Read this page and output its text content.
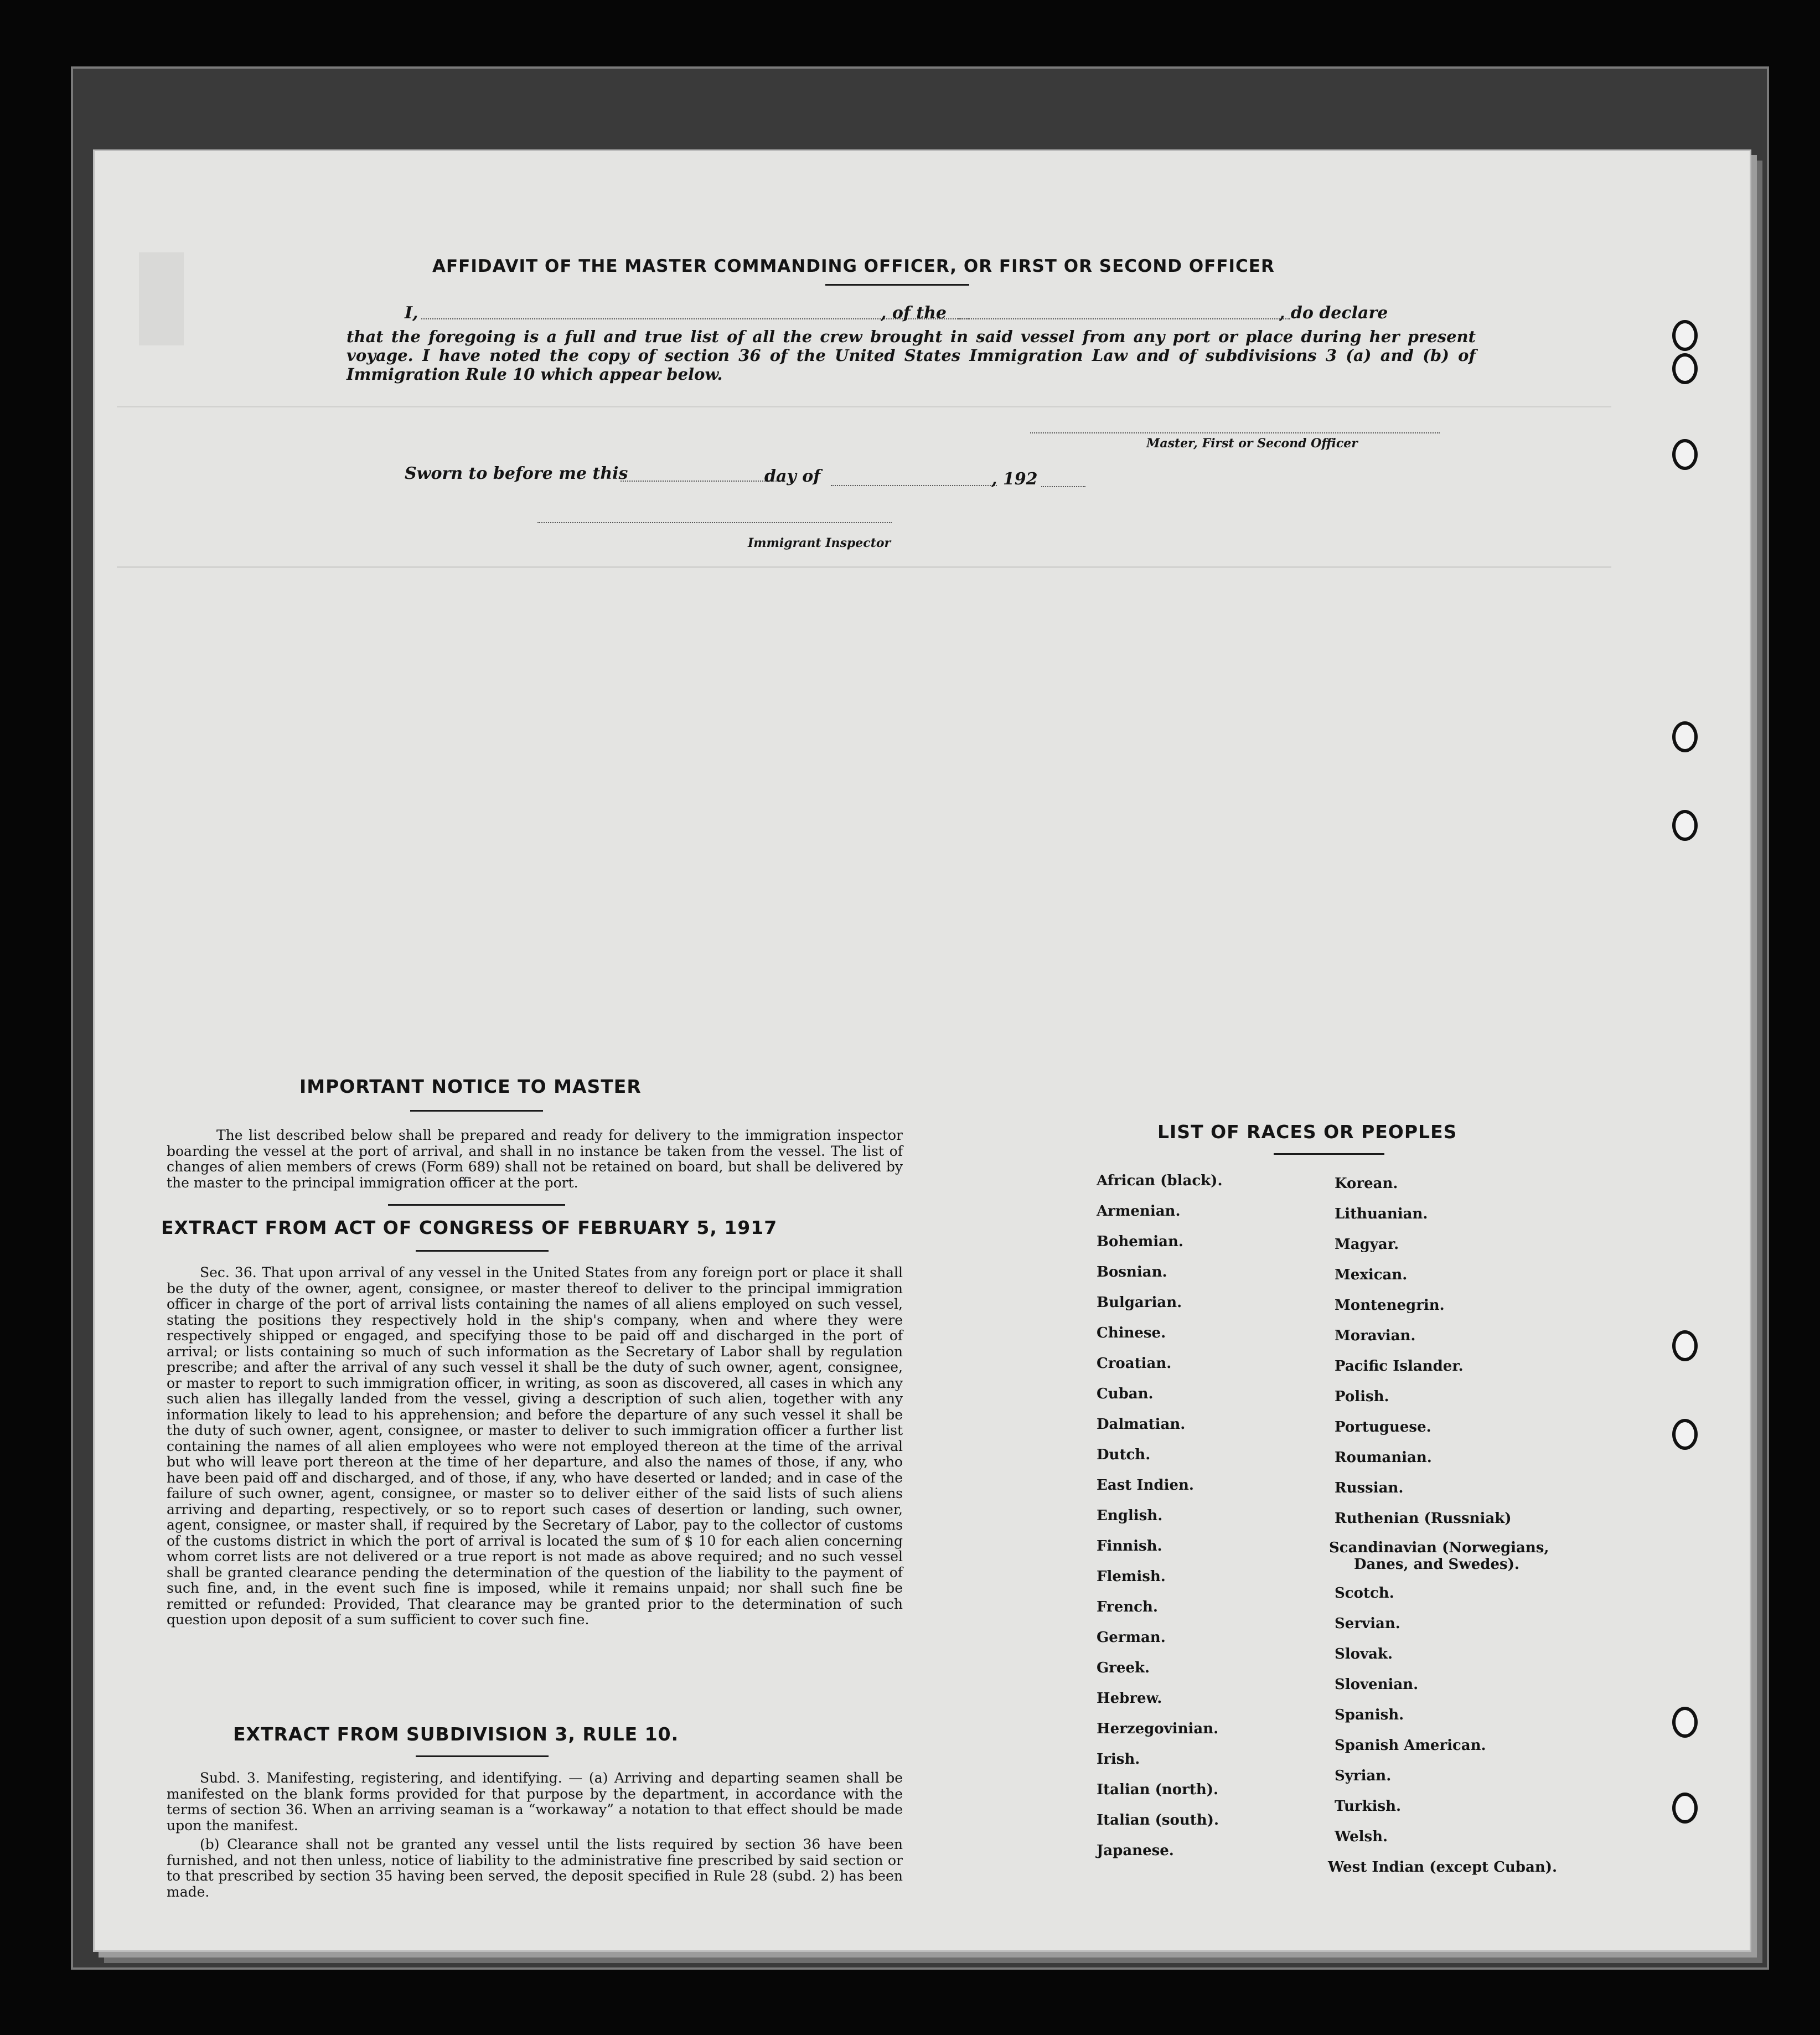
▮	AFFIDAVIT OF THE MASTER COMMANDING OFFICER, OR FIRST OR SECOND OFFICER
I,	, of the	, do declare
that the foregoing is a full and true list of all the crew brought in said vessel from any port or place during her present voyage. I have noted the copy of section 36 of the United States Immigration Law and of subdivisions 3 (a) and (b) of Immigration Rule 10 which appear below.
Master, First or Second Officer
Sworn to before me this	day of	, 192
Immigrant Inspector
IMPORTANT NOTICE TO MASTER
The list described below shall be prepared and ready for delivery to the immigration inspector boarding the vessel at the port of arrival, and shall in no instance be taken from the vessel. The list of changes of alien members of crews (Form 689) shall not be retained on board, but shall be delivered by the master to the principal immigration officer at the port.
EXTRACT FROM ACT OF CONGRESS OF FEBRUARY 5, 1917
Sec. 36. That upon arrival of any vessel in the United States from any foreign port or place it shall be the duty of the owner, agent, consignee, or master thereof to deliver to the principal immigration officer in charge of the port of arrival lists containing the names of all aliens employed on such vessel, stating the positions they respectively hold in the ship's company, when and where they were respectively shipped or engaged, and specifying those to be paid off and discharged in the port of arrival; or lists containing so much of such information as the Secretary of Labor shall by regulation prescribe; and after the arrival of any such vessel it shall be the duty of such owner, agent, consignee, or master to report to such immigration officer, in writing, as soon as discovered, all cases in which any such alien has illegally landed from the vessel, giving a description of such alien, together with any information likely to lead to his apprehension; and before the departure of any such vessel it shall be the duty of such owner, agent, consignee, or master to deliver to such immigration officer a further list containing the names of all alien employees who were not employed thereon at the time of the arrival but who will leave port thereon at the time of her departure, and also the names of those, if any, who have been paid off and discharged, and of those, if any, who have deserted or landed; and in case of the failure of such owner, agent, consignee, or master so to deliver either of the said lists of such aliens arriving and departing, respectively, or so to report such cases of desertion or landing, such owner, agent, consignee, or master shall, if required by the Secretary of Labor, pay to the collector of customs of the customs district in which the port of arrival is located the sum of $ 10 for each alien concerning whom corret lists are not delivered or a true report is not made as above required; and no such vessel shall be granted clearance pending the determination of the question of the liability to the payment of such fine, and, in the event such fine is imposed, while it remains unpaid; nor shall such fine be remitted or refunded: Provided, That clearance may be granted prior to the determination of such question upon deposit of a sum sufficient to cover such fine.
EXTRACT FROM SUBDIVISION 3, RULE 10.
Subd. 3. Manifesting, registering, and identifying. — (a) Arriving and departing seamen shall be manifested on the blank forms provided for that purpose by the department, in accordance with the terms of section 36. When an arriving seaman is a “workaway” a notation to that effect should be made upon the manifest.
(b) Clearance shall not be granted any vessel until the lists required by section 36 have been furnished, and not then unless, notice of liability to the administrative fine prescribed by said section or to that prescribed by section 35 having been served, the deposit specified in Rule 28 (subd. 2) has been made.
LIST OF RACES OR PEOPLES
African (black).
Armenian.
Bohemian.
Bosnian.
Bulgarian.
Chinese.
Croatian.
Cuban.
Dalmatian.
Dutch.
East Indien.
English.
Finnish.
Flemish.
French.
German.
Greek.
Hebrew.
Herzegovinian.
Irish.
Italian (north).
Italian (south).
Japanese.
Korean.
Lithuanian.
Magyar.
Mexican.
Montenegrin.
Moravian.
Pacific Islander.
Polish.
Portuguese.
Roumanian.
Russian.
Ruthenian (Russniak)
Scandinavian (Norwegians,
Danes, and Swedes).
Scotch.
Servian.
Slovak.
Slovenian.
Spanish.
Spanish American.
Syrian.
Turkish.
Welsh.
West Indian (except Cuban).
